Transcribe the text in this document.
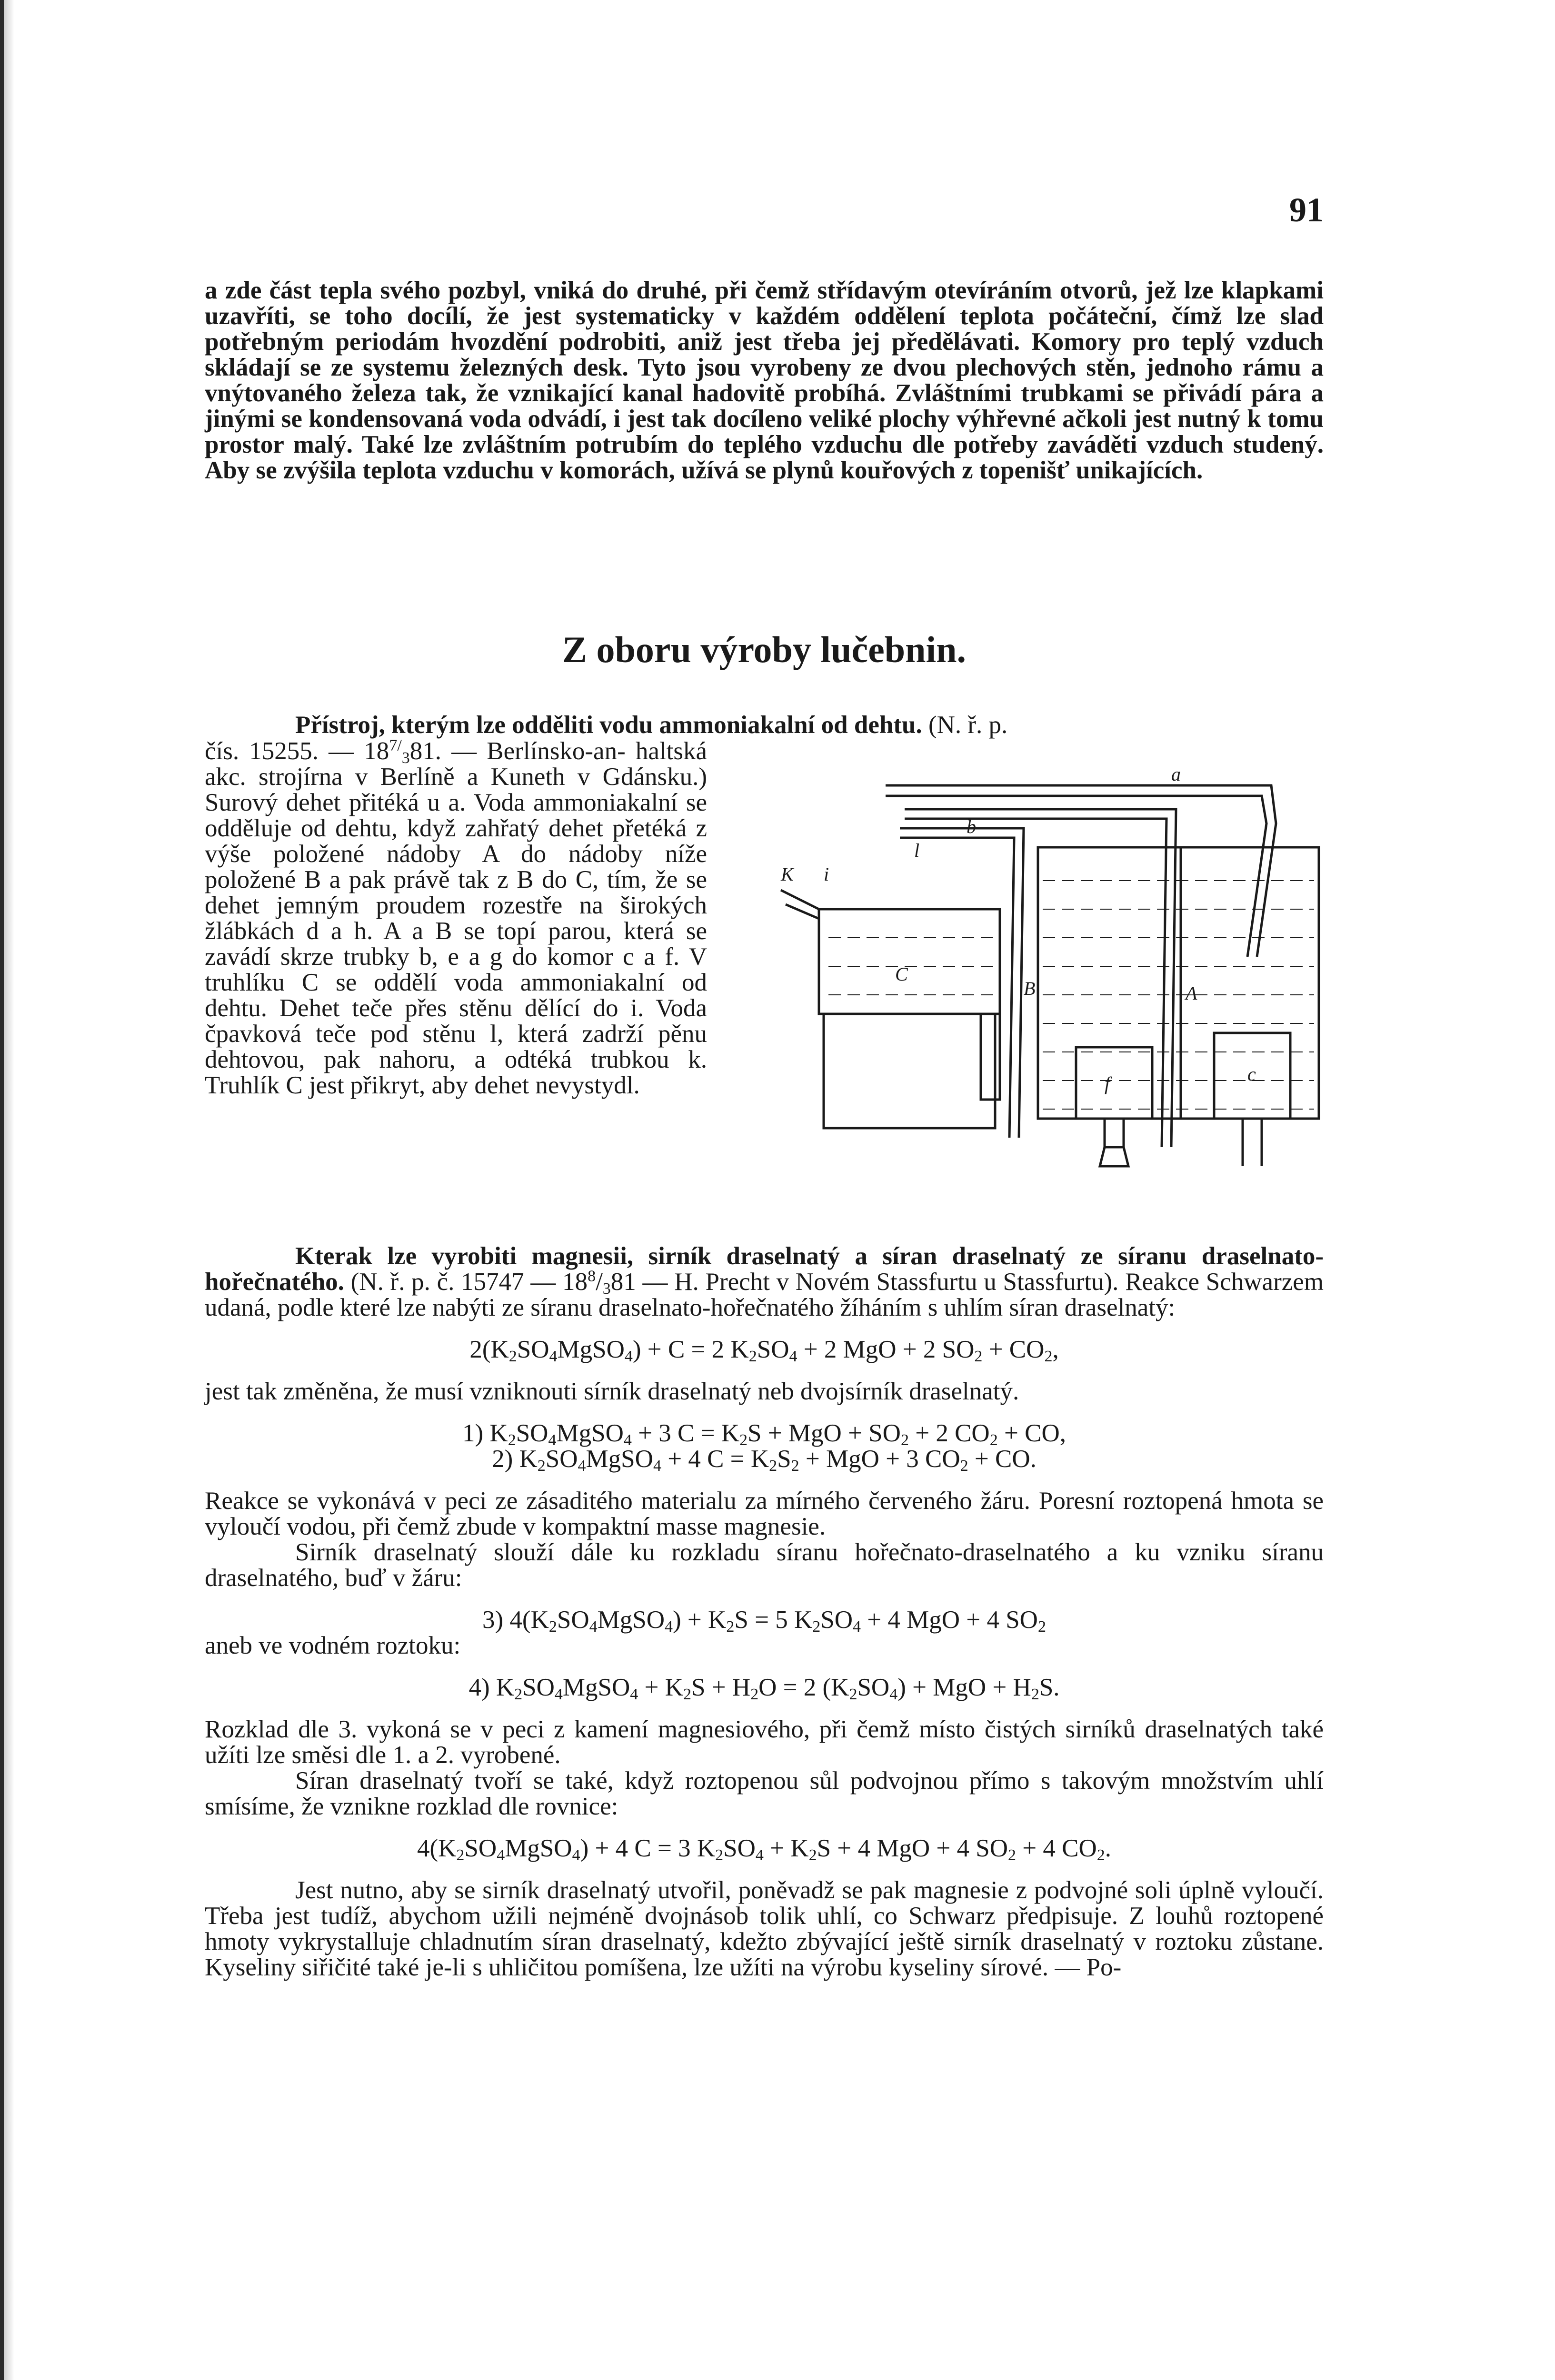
91

a zde část tepla svého pozbyl, vniká do druhé, při čemž střídavým otevíráním otvorů, jež lze klapkami uzavříti, se toho docílí, že jest systematicky v každém oddělení teplota počáteční, čímž lze slad potřebným periodám hvozdění podrobiti, aniž jest třeba jej předělávati. Komory pro teplý vzduch skládají se ze systemu železných desk. Tyto jsou vyrobeny ze dvou plechových stěn, jednoho rámu a vnýtovaného železa tak, že vznikající kanal hadovitě probíhá. Zvláštními trubkami se přivádí pára a jinými se kondensovaná voda odvádí, i jest tak docíleno veliké plochy výhřevné ačkoli jest nutný k tomu prostor malý. Také lze zvláštním potrubím do teplého vzduchu dle potřeby zaváděti vzduch studený. Aby se zvýšila teplota vzduchu v komorách, užívá se plynů kouřových z topenišť unikajících.

Z oboru výroby lučebnin.

Přístroj, kterým lze odděliti vodu ammoniakalní od dehtu. (N. ř. p.

čís. 15255. — $18^{7/}_381$. — Berlínsko-an- haltská akc. strojírna v Berlíně a Kuneth v Gdánsku.) Surový dehet přitéká u a. Voda ammoniakalní se odděluje od dehtu, když zahřatý dehet přetéká z výše položené nádoby A do nádoby níže položené B a pak právě tak z B do C, tím, že se dehet jemným proudem rozestře na širokých žlábkách d a h. A a B se topí parou, která se zavádí skrze trubky b, e a g do komor c a f. V truhlíku C se oddělí voda ammoniakalní od dehtu. Dehet teče přes stěnu dělící do i. Voda čpavková teče pod stěnu l, která zadrží pěnu dehtovou, pak nahoru, a odtéká trubkou k. Truhlík C jest přikryt, aby dehet nevystydl.

a
b
K i
l
C
B	A
f	c

Kterak lze vyrobiti magnesii, sirník draselnatý a síran draselnatý ze síranu draselnato-hořečnatého. (N. ř. p. č. 15747 — $18^8/_381$ — H. Precht v Novém Stassfurtu u Stassfurtu). Reakce Schwarzem udaná, podle které lze nabýti ze síranu draselnato-hořečnatého žíháním s uhlím síran draselnatý:

$2(K_2SO_4MgSO_4) + C = 2$ $K_2SO_4 + 2$ MgO + 2 $SO_2 + CO_2$,

jest tak změněna, že musí vzniknouti sírník draselnatý neb dvojsírník draselnatý.

1) $K_2SO_4MgSO_4 + 3$ $C = K_2S$ + MgO + $SO_2 + 2$ $CO_2$ + CO,
2) $K_2SO_4MgSO_4 + 4$ $C = K_2S_2$ + MgO + 3 $CO_2$ + CO.

Reakce se vykonává v peci ze zásaditého materialu za mírného červeného žáru. Poresní roztopená hmota se vyloučí vodou, při čemž zbude v kompaktní masse magnesie.

Sirník draselnatý slouží dále ku rozkladu síranu hořečnato-draselnatého a ku vzniku síranu draselnatého, buď v žáru:

3) $4(K_2SO_4MgSO_4) + K_2S = 5$ $K_2SO_4 + 4$ MgO + 4 $SO_2$

aneb ve vodném roztoku:

4) $K_2SO_4MgSO_4 + K_2S + H_2O = 2$ $(K_2SO_4)$ + MgO + $H_2S$.

Rozklad dle 3. vykoná se v peci z kamení magnesiového, při čemž místo čistých sirníků draselnatých také užíti lze směsi dle 1. a 2. vyrobené.

Síran draselnatý tvoří se také, když roztopenou sůl podvojnou přímo s takovým množstvím uhlí smísíme, že vznikne rozklad dle rovnice:

$4(K_2SO_4MgSO_4) + 4$ C = 3 $K_2SO_4 + K_2S + 4$ MgO + 4 $SO_2 + 4$ $CO_2$.

Jest nutno, aby se sirník draselnatý utvořil, poněvadž se pak magnesie z podvojné soli úplně vyloučí. Třeba jest tudíž, abychom užili nejméně dvojnásob tolik uhlí, co Schwarz předpisuje. Z louhů roztopené hmoty vykrystalluje chladnutím síran draselnatý, kdežto zbývající ještě sirník draselnatý v roztoku zůstane. Kyseliny siřičité také je-li s uhličitou pomíšena, lze užíti na výrobu kyseliny sírové. — Po-
